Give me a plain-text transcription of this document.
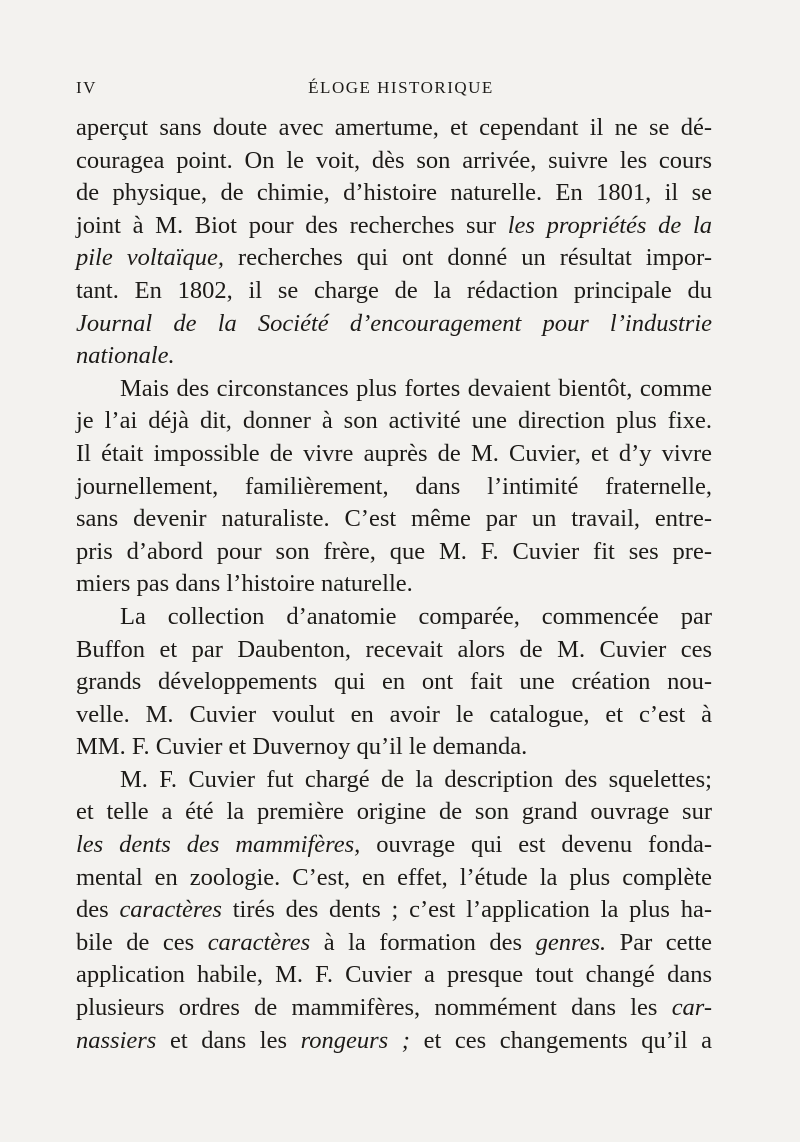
IV	ÉLOGE HISTORIQUE

aperçut sans doute avec amertume, et cependant il ne se dé-
couragea point. On le voit, dès son arrivée, suivre les cours
de physique, de chimie, d’histoire naturelle. En 1801, il se
joint à M. Biot pour des recherches sur les propriétés de la
pile voltaïque, recherches qui ont donné un résultat impor-
tant. En 1802, il se charge de la rédaction principale du
Journal de la Société d’encouragement pour l’industrie
nationale.

Mais des circonstances plus fortes devaient bientôt, comme
je l’ai déjà dit, donner à son activité une direction plus fixe.
Il était impossible de vivre auprès de M. Cuvier, et d’y vivre
journellement, familièrement, dans l’intimité fraternelle,
sans devenir naturaliste. C’est même par un travail, entre-
pris d’abord pour son frère, que M. F. Cuvier fit ses pre-
miers pas dans l’histoire naturelle.

La collection d’anatomie comparée, commencée par
Buffon et par Daubenton, recevait alors de M. Cuvier ces
grands développements qui en ont fait une création nou-
velle. M. Cuvier voulut en avoir le catalogue, et c’est à
MM. F. Cuvier et Duvernoy qu’il le demanda.

M. F. Cuvier fut chargé de la description des squelettes;
et telle a été la première origine de son grand ouvrage sur
les dents des mammifères, ouvrage qui est devenu fonda-
mental en zoologie. C’est, en effet, l’étude la plus complète
des caractères tirés des dents ; c’est l’application la plus ha-
bile de ces caractères à la formation des genres. Par cette
application habile, M. F. Cuvier a presque tout changé dans
plusieurs ordres de mammifères, nommément dans les car-
nassiers et dans les rongeurs ; et ces changements qu’il a
